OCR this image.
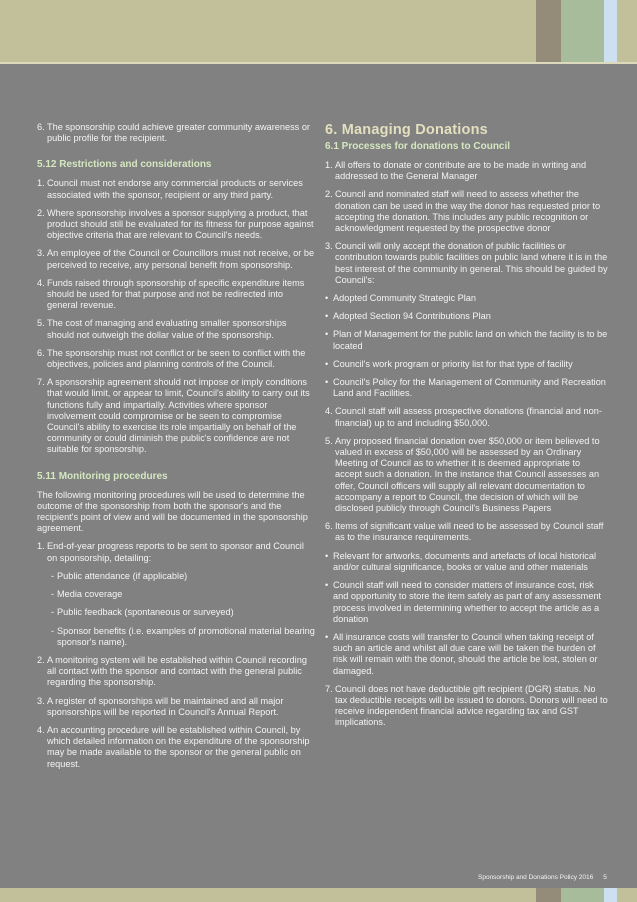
6. The sponsorship could achieve greater community awareness or public profile for the recipient.
5.12 Restrictions and considerations
1. Council must not endorse any commercial products or services associated with the sponsor, recipient or any third party.
2. Where sponsorship involves a sponsor supplying a product, that product should still be evaluated for its fitness for purpose against objective criteria that are relevant to Council's needs.
3. An employee of the Council or Councillors must not receive, or be perceived to receive, any personal benefit from sponsorship.
4. Funds raised through sponsorship of specific expenditure items should be used for that purpose and not be redirected into general revenue.
5. The cost of managing and evaluating smaller sponsorships should not outweigh the dollar value of the sponsorship.
6. The sponsorship must not conflict or be seen to conflict with the objectives, policies and planning controls of the Council.
7. A sponsorship agreement should not impose or imply conditions that would limit, or appear to limit, Council's ability to carry out its functions fully and impartially. Activities where sponsor involvement could compromise or be seen to compromise Council's ability to exercise its role impartially on behalf of the community or could diminish the public's confidence are not suitable for sponsorship.
5.11 Monitoring procedures

The following monitoring procedures will be used to determine the outcome of the sponsorship from both the sponsor's and the recipient's point of view and will be documented in the sponsorship agreement.

1. End-of-year progress reports to be sent to sponsor and Council on sponsorship, detailing:
- Public attendance (if applicable)
- Media coverage
- Public feedback (spontaneous or surveyed)
- Sponsor benefits (i.e. examples of promotional material bearing sponsor's name).
2. A monitoring system will be established within Council recording all contact with the sponsor and contact with the general public regarding the sponsorship.
3. A register of sponsorships will be maintained and all major sponsorships will be reported in Council's Annual Report.
4. An accounting procedure will be established within Council, by which detailed information on the expenditure of the sponsorship may be made available to the sponsor or the general public on request.
6. Managing Donations
6.1 Processes for donations to Council
1. All offers to donate or contribute are to be made in writing and addressed to the General Manager
2. Council and nominated staff will need to assess whether the donation can be used in the way the donor has requested prior to accepting the donation. This includes any public recognition or acknowledgment requested by the prospective donor
3. Council will only accept the donation of public facilities or contribution towards public facilities on public land where it is in the best interest of the community in general. This should be guided by Council's:
• Adopted Community Strategic Plan
• Adopted Section 94 Contributions Plan
• Plan of Management for the public land on which the facility is to be located
• Council's work program or priority list for that type of facility
• Council's Policy for the Management of Community and Recreation Land and Facilities.
4. Council staff will assess prospective donations (financial and non-financial) up to and including $50,000.
5. Any proposed financial donation over $50,000 or item believed to valued in excess of $50,000 will be assessed by an Ordinary Meeting of Council as to whether it is deemed appropriate to accept such a donation. In the instance that Council assesses an offer, Council officers will supply all relevant documentation to accompany a report to Council, the decision of which will be disclosed publicly through Council's Business Papers
6. Items of significant value will need to be assessed by Council staff as to the insurance requirements.
• Relevant for artworks, documents and artefacts of local historical and/or cultural significance, books or value and other materials
• Council staff will need to consider matters of insurance cost, risk and opportunity to store the item safely as part of any assessment process involved in determining whether to accept the article as a donation
• All insurance costs will transfer to Council when taking receipt of such an article and whilst all due care will be taken the burden of risk will remain with the donor, should the article be lost, stolen or damaged.
7. Council does not have deductible gift recipient (DGR) status. No tax deductible receipts will be issued to donors. Donors will need to receive independent financial advice regarding tax and GST implications.
Sponsorship and Donations Policy 2016 5
